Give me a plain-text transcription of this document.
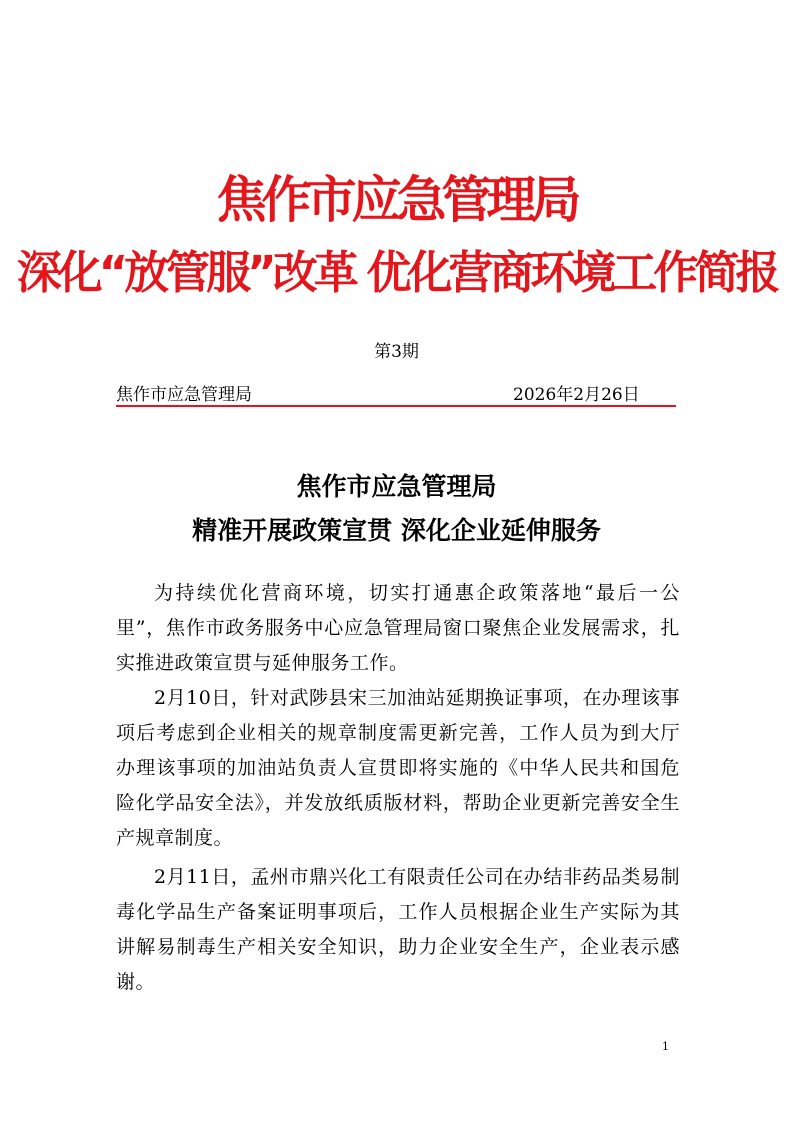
焦作市应急管理局
深化“放管服”改革 优化营商环境工作简报
第3期
焦作市应急管理局	2026年2月26日
焦作市应急管理局
精准开展政策宣贯 深化企业延伸服务

为持续优化营商环境，切实打通惠企政策落地“最后一公里”，焦作市政务服务中心应急管理局窗口聚焦企业发展需求，扎实推进政策宣贯与延伸服务工作。

2月10日，针对武陟县宋三加油站延期换证事项，在办理该事项后考虑到企业相关的规章制度需更新完善，工作人员为到大厅办理该事项的加油站负责人宣贯即将实施的《中华人民共和国危险化学品安全法》，并发放纸质版材料，帮助企业更新完善安全生产规章制度。

2月11日，孟州市鼎兴化工有限责任公司在办结非药品类易制毒化学品生产备案证明事项后，工作人员根据企业生产实际为其讲解易制毒生产相关安全知识，助力企业安全生产，企业表示感谢。

1
